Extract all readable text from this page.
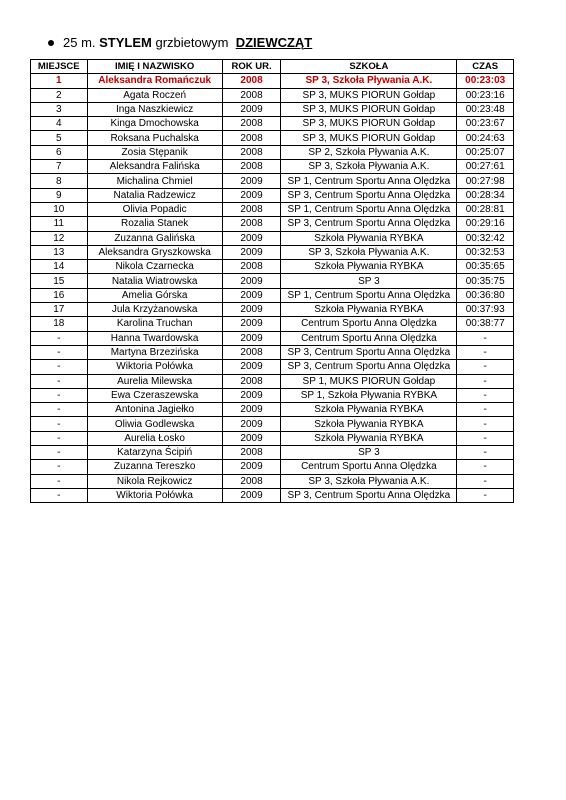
25 m. STYLEM grzbietowym DZIEWCZĄT
MIEJSCE	IMIĘ I NAZWISKO	ROK UR.	SZKOŁA	CZAS
1	Aleksandra Romańczuk	2008	SP 3, Szkoła Pływania A.K.	00:23:03
2	Agata Roczeń	2008	SP 3, MUKS PIORUN Gołdap	00:23:16
3	Inga Naszkiewicz	2009	SP 3, MUKS PIORUN Gołdap	00:23:48
4	Kinga Dmochowska	2008	SP 3, MUKS PIORUN Gołdap	00:23:67
5	Roksana Puchalska	2008	SP 3, MUKS PIORUN Gołdap	00:24:63
6	Zosia Stępanik	2008	SP 2, Szkoła Pływania A.K.	00:25:07
7	Aleksandra Falińska	2008	SP 3, Szkoła Pływania A.K.	00:27:61
8	Michalina Chmiel	2009	SP 1, Centrum Sportu Anna Olędzka	00:27:98
9	Natalia Radzewicz	2009	SP 3, Centrum Sportu Anna Olędzka	00:28:34
10	Olivia Popadic	2008	SP 1, Centrum Sportu Anna Olędzka	00:28:81
11	Rozalia Stanek	2008	SP 3, Centrum Sportu Anna Olędzka	00:29:16
12	Zuzanna Galińska	2009	Szkoła Pływania RYBKA	00:32:42
13	Aleksandra Gryszkowska	2009	SP 3, Szkoła Pływania A.K.	00:32:53
14	Nikola Czarnecka	2008	Szkoła Pływania RYBKA	00:35:65
15	Natalia Wiatrowska	2009	SP 3	00:35:75
16	Amelia Górska	2009	SP 1, Centrum Sportu Anna Olędzka	00:36:80
17	Jula Krzyżanowska	2009	Szkoła Pływania RYBKA	00:37:93
18	Karolina Truchan	2009	Centrum Sportu Anna Olędzka	00:38:77
-	Hanna Twardowska	2009	Centrum Sportu Anna Olędzka	-
-	Martyna Brzezińska	2008	SP 3, Centrum Sportu Anna Olędzka	-
-	Wiktoria Połówka	2009	SP 3, Centrum Sportu Anna Olędzka	-
-	Aurelia Milewska	2008	SP 1, MUKS PIORUN Gołdap	-
-	Ewa Czeraszewska	2009	SP 1, Szkoła Pływania RYBKA	-
-	Antonina Jagiełko	2009	Szkoła Pływania RYBKA	-
-	Oliwia Godlewska	2009	Szkoła Pływania RYBKA	-
-	Aurelia Łosko	2009	Szkoła Pływania RYBKA	-
-	Katarzyna Ścipiń	2008	SP 3	-
-	Zuzanna Tereszko	2009	Centrum Sportu Anna Olędzka	-
-	Nikola Rejkowicz	2008	SP 3, Szkoła Pływania A.K.	-
-	Wiktoria Połówka	2009	SP 3, Centrum Sportu Anna Olędzka	-
